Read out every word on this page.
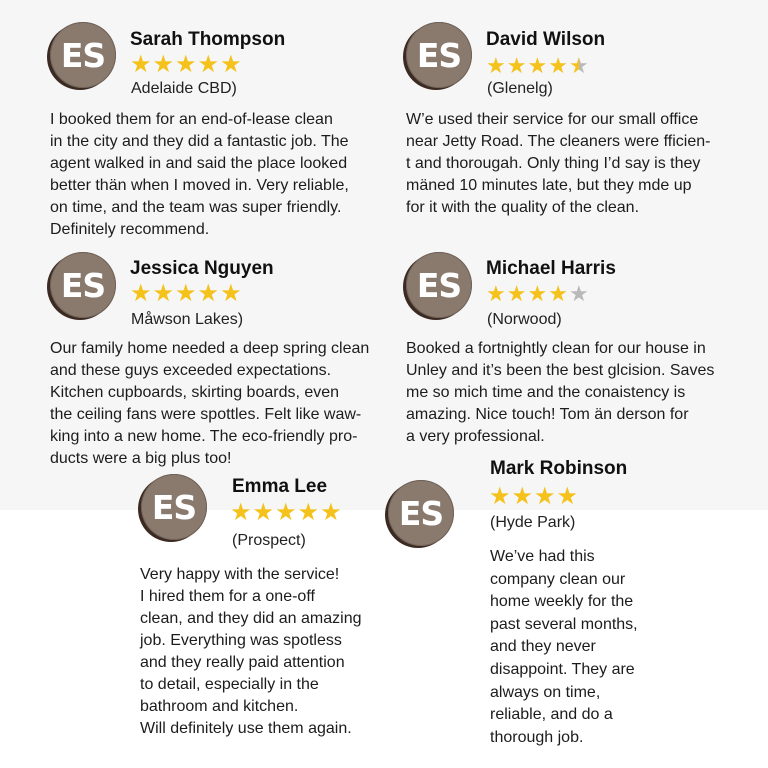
ES	Sarah Thompson
★ ★ ★ ★ ★
Adelaide CBD)
I booked them for an end-of-lease clean
in the city and they did a fantastic job. The
agent walked in and said the place looked
better thän when I moved in. Very reliable,
on time, and the team was super friendly.
Definitely recommend.
ES	David Wilson
★ ★ ★ ★ ★
(Glenelg)
W’e used their service for our small office
near Jetty Road. The cleaners were fficien-
t and thorougah. Only thing I’d say is they
mäned 10 minutes late, but they mde up
for it with the quality of the clean.
ES	Jessica Nguyen
★ ★ ★ ★ ★
Måwson Lakes)
Our family home needed a deep spring clean
and these guys exceeded expectations.
Kitchen cupboards, skirting boards, even
the ceiling fans were spottles. Felt like waw-
king into a new home. The eco-friendly pro-
ducts were a big plus too!
ES	Michael Harris
★ ★ ★ ★ ★
(Norwood)
Booked a fortnightly clean for our house in
Unley and it’s been the best glcision. Saves
me so mich time and the conaistency is
amazing. Nice touch! Tom än derson for
a very professional.
ES
Emma Lee
★ ★ ★ ★ ★
(Prospect)
Very happy with the service!
I hired them for a one-off
clean, and they did an amazing
job. Everything was spotless
and they really paid attention
to detail, especially in the
bathroom and kitchen.
Will definitely use them again.
ES
Mark Robinson
★ ★ ★ ★
(Hyde Park)
We’ve had this
company clean our
home weekly for the
past several months,
and they never
disappoint. They are
always on time,
reliable, and do a
thorough job.
